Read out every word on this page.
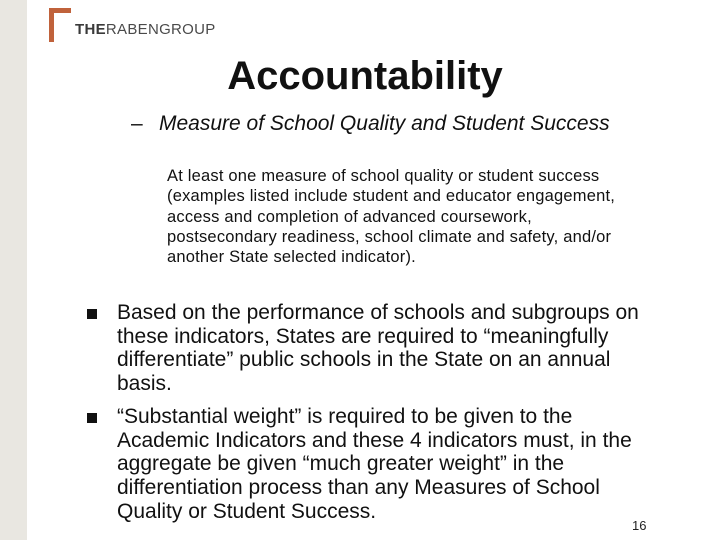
THERABENGROUP
Accountability
– Measure of School Quality and Student Success
At least one measure of school quality or student success (examples listed include student and educator engagement, access and completion of advanced coursework, postsecondary readiness, school climate and safety, and/or another State selected indicator).
Based on the performance of schools and subgroups on these indicators, States are required to “meaningfully differentiate” public schools in the State on an annual basis.
“Substantial weight” is required to be given to the Academic Indicators and these 4 indicators must, in the aggregate be given “much greater weight” in the differentiation process than any Measures of School Quality or Student Success.
16
